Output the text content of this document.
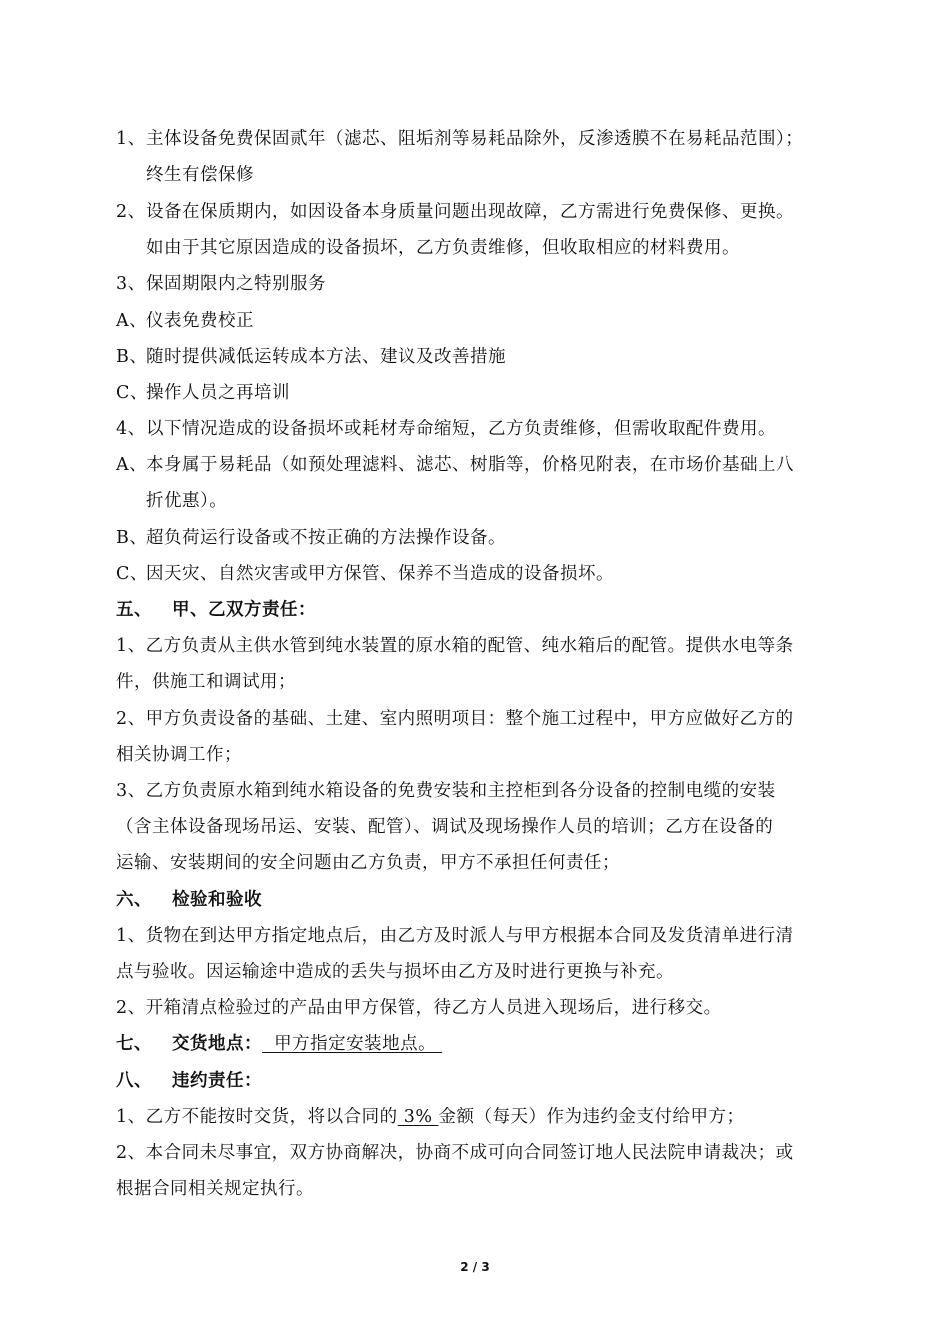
1、主体设备免费保固贰年（滤芯、阻垢剂等易耗品除外，反渗透膜不在易耗品范围）；
终生有偿保修
2、设备在保质期内，如因设备本身质量问题出现故障，乙方需进行免费保修、更换。
如由于其它原因造成的设备损坏，乙方负责维修，但收取相应的材料费用。
3、保固期限内之特别服务
A、仪表免费校正
B、随时提供减低运转成本方法、建议及改善措施
C、操作人员之再培训
4、以下情况造成的设备损坏或耗材寿命缩短，乙方负责维修，但需收取配件费用。
A、本身属于易耗品（如预处理滤料、滤芯、树脂等，价格见附表，在市场价基础上八
折优惠）。
B、超负荷运行设备或不按正确的方法操作设备。
C、因天灾、自然灾害或甲方保管、保养不当造成的设备损坏。
五、 甲、乙双方责任：
1、乙方负责从主供水管到纯水装置的原水箱的配管、纯水箱后的配管。提供水电等条
件，供施工和调试用；
2、甲方负责设备的基础、土建、室内照明项目：整个施工过程中，甲方应做好乙方的
相关协调工作；
3、乙方负责原水箱到纯水箱设备的免费安装和主控柜到各分设备的控制电缆的安装
（含主体设备现场吊运、安装、配管）、调试及现场操作人员的培训；乙方在设备的
运输、安装期间的安全问题由乙方负责，甲方不承担任何责任；
六、 检验和验收
1、货物在到达甲方指定地点后，由乙方及时派人与甲方根据本合同及发货清单进行清
点与验收。因运输途中造成的丢失与损坏由乙方及时进行更换与补充。
2、开箱清点检验过的产品由甲方保管，待乙方人员进入现场后，进行移交。
七、 交货地点：  甲方指定安装地点。
八、 违约责任：
1、乙方不能按时交货，将以合同的 3% 金额（每天）作为违约金支付给甲方；
2、本合同未尽事宜，双方协商解决，协商不成可向合同签订地人民法院申请裁决；或
根据合同相关规定执行。
2 / 3
